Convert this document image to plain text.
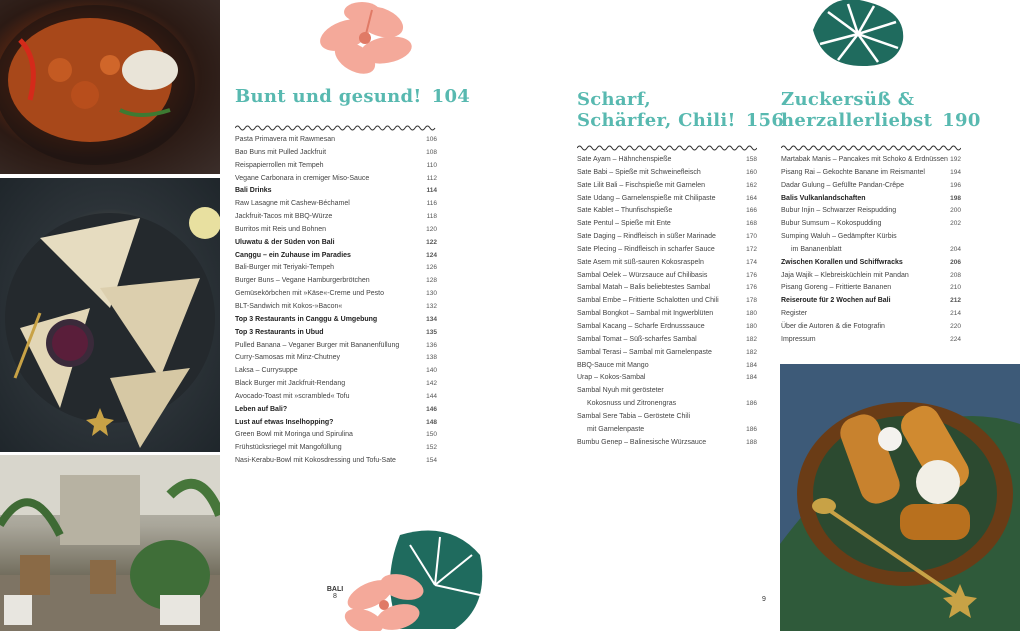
Bunt und gesund! 104
Pasta Primavera mit Rawmesan	106
Bao Buns mit Pulled Jackfruit	108
Reispapierrollen mit Tempeh	110
Vegane Carbonara in cremiger Miso-Sauce	112
Bali Drinks	114
Raw Lasagne mit Cashew-Béchamel	116
Jackfruit-Tacos mit BBQ-Würze	118
Burritos mit Reis und Bohnen	120
Uluwatu & der Süden von Bali	122
Canggu – ein Zuhause im Paradies	124
Bali-Burger mit Teriyaki-Tempeh	126
Burger Buns – Vegane Hamburgerbrötchen	128
Gemüsekörbchen mit »Käse«-Creme und Pesto	130
BLT-Sandwich mit Kokos-»Bacon«	132
Top 3 Restaurants in Canggu & Umgebung	134
Top 3 Restaurants in Ubud	135
Pulled Banana – Veganer Burger mit Bananenfüllung	136
Curry-Samosas mit Minz-Chutney	138
Laksa – Currysuppe	140
Black Burger mit Jackfruit-Rendang	142
Avocado-Toast mit »scrambled« Tofu	144
Leben auf Bali?	146
Lust auf etwas Inselhopping?	148
Green Bowl mit Moringa und Spirulina	150
Frühstücksriegel mit Mangofüllung	152
Nasi-Kerabu-Bowl mit Kokosdressing und Tofu-Sate	154
BALI
8
Scharf,
Schärfer, Chili! 156
Sate Ayam – Hähnchenspieße	158
Sate Babi – Spieße mit Schweinefleisch	160
Sate Lilit Bali – Fischspieße mit Garnelen	162
Sate Udang – Garnelenspieße mit Chilipaste	164
Sate Kablet – Thunfischspieße	166
Sate Pentul – Spieße mit Ente	168
Sate Daging – Rindfleisch in süßer Marinade	170
Sate Plecing – Rindfleisch in scharfer Sauce	172
Sate Asem mit süß-sauren Kokosraspeln	174
Sambal Oelek – Würzsauce auf Chilibasis	176
Sambal Matah – Balis beliebtestes Sambal	176
Sambal Embe – Frittierte Schalotten und Chili	178
Sambal Bongkot – Sambal mit Ingwerblüten	180
Sambal Kacang – Scharfe Erdnusssauce	180
Sambal Tomat – Süß-scharfes Sambal	182
Sambal Terasi – Sambal mit Garnelenpaste	182
BBQ-Sauce mit Mango	184
Urap – Kokos-Sambal	184
Sambal Nyuh mit gerösteter
Kokosnuss und Zitronengras	186
Sambal Sere Tabia – Geröstete Chili
mit Garnelenpaste	186
Bumbu Genep – Balinesische Würzsauce	188
9
Zuckersüß &
herzallerliebst 190
Martabak Manis – Pancakes mit Schoko & Erdnüssen 192
Pisang Rai – Gekochte Banane im Reismantel	194
Dadar Gulung – Gefüllte Pandan-Crêpe	196
Balis Vulkanlandschaften	198
Bubur Injin – Schwarzer Reispudding	200
Bubur Sumsum – Kokospudding	202
Sumping Waluh – Gedämpfter Kürbis
im Bananenblatt	204
Zwischen Korallen und Schiffwracks	206
Jaja Wajik – Klebreisküchlein mit Pandan	208
Pisang Goreng – Frittierte Bananen	210
Reiseroute für 2 Wochen auf Bali	212
Register	214
Über die Autoren & die Fotografin	220
Impressum	224
